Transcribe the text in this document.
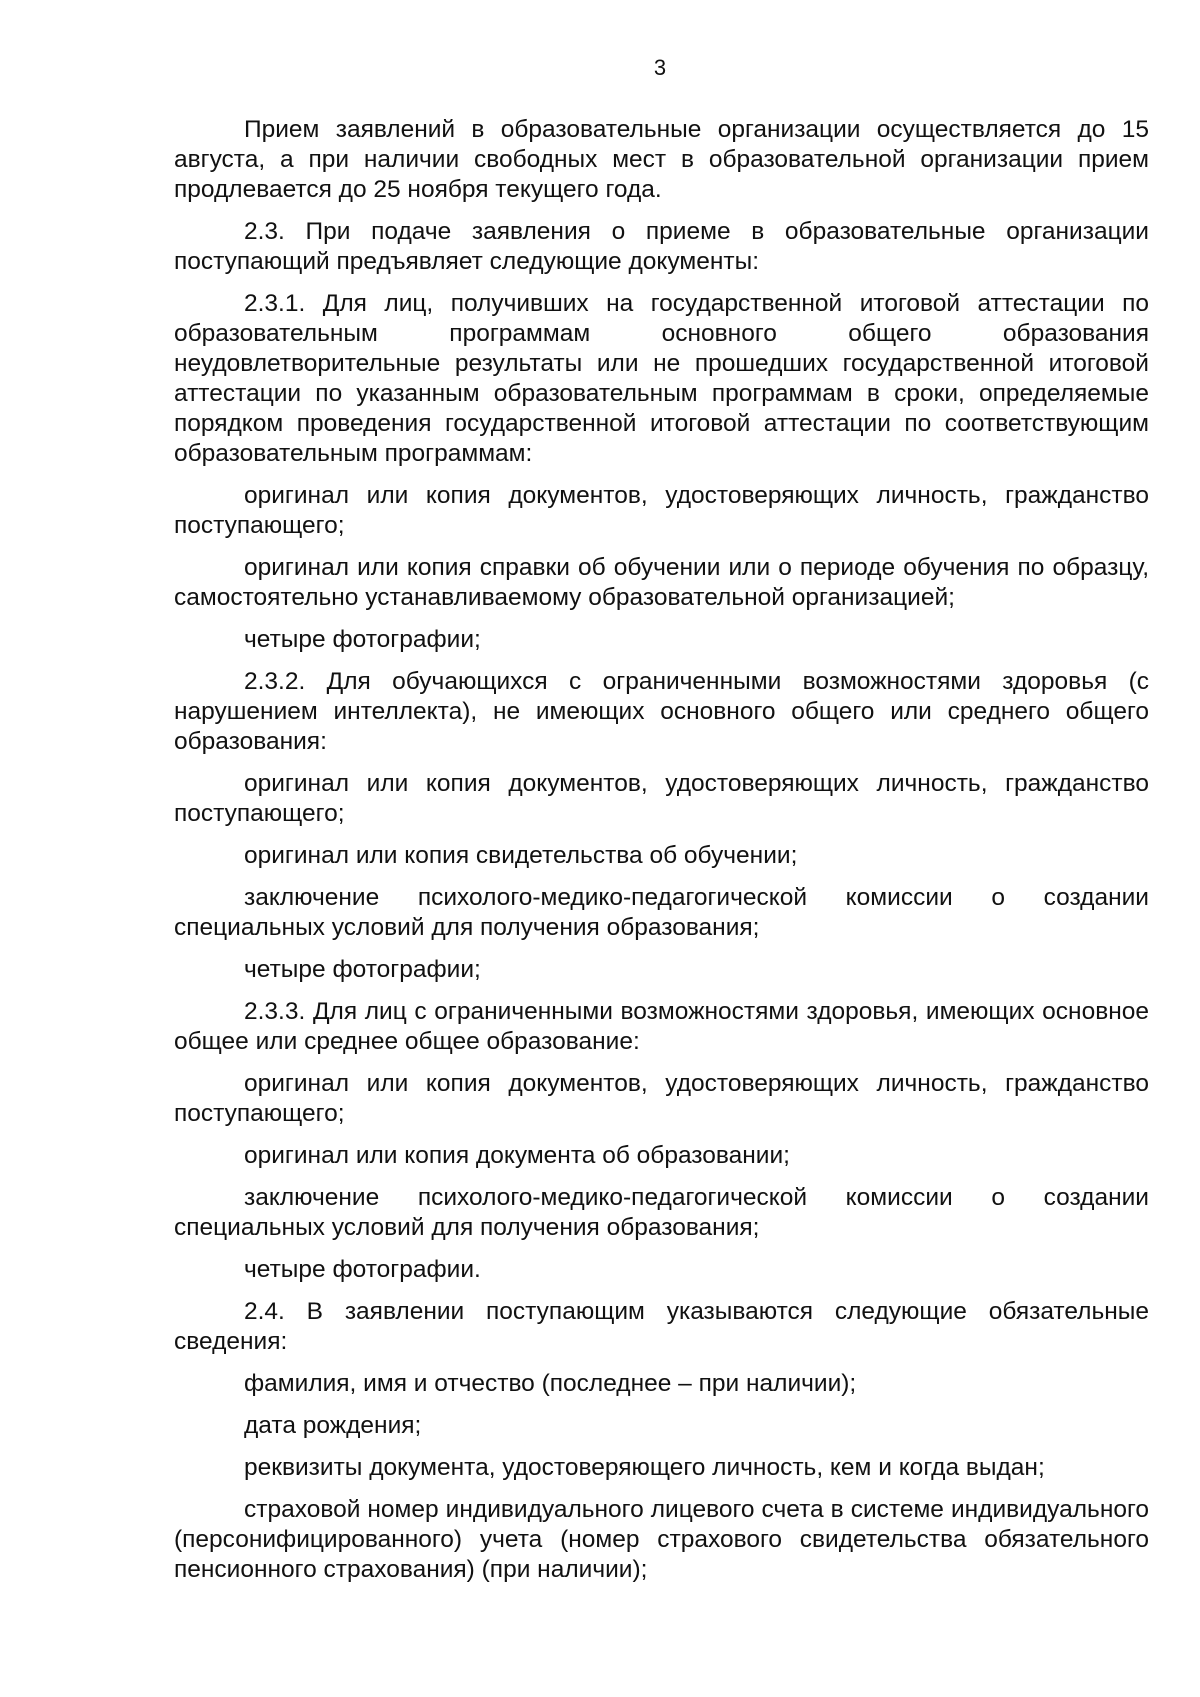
3

Прием заявлений в образовательные организации осуществляется до 15 августа, а при наличии свободных мест в образовательной организации прием продлевается до 25 ноября текущего года.

2.3. При подаче заявления о приеме в образовательные организации поступающий предъявляет следующие документы:

2.3.1. Для лиц, получивших на государственной итоговой аттестации по образовательным программам основного общего образования неудовлетворительные результаты или не прошедших государственной итоговой аттестации по указанным образовательным программам в сроки, определяемые порядком проведения государственной итоговой аттестации по соответствующим образовательным программам:

оригинал или копия документов, удостоверяющих личность, гражданство поступающего;

оригинал или копия справки об обучении или о периоде обучения по образцу, самостоятельно устанавливаемому образовательной организацией;

четыре фотографии;

2.3.2. Для обучающихся с ограниченными возможностями здоровья (с нарушением интеллекта), не имеющих основного общего или среднего общего образования:

оригинал или копия документов, удостоверяющих личность, гражданство поступающего;

оригинал или копия свидетельства об обучении;

заключение психолого-медико-педагогической комиссии о создании специальных условий для получения образования;

четыре фотографии;

2.3.3. Для лиц с ограниченными возможностями здоровья, имеющих основное общее или среднее общее образование:

оригинал или копия документов, удостоверяющих личность, гражданство поступающего;

оригинал или копия документа об образовании;

заключение психолого-медико-педагогической комиссии о создании специальных условий для получения образования;

четыре фотографии.

2.4. В заявлении поступающим указываются следующие обязательные сведения:

фамилия, имя и отчество (последнее – при наличии);

дата рождения;

реквизиты документа, удостоверяющего личность, кем и когда выдан;

страховой номер индивидуального лицевого счета в системе индивидуального (персонифицированного) учета (номер страхового свидетельства обязательного пенсионного страхования) (при наличии);
